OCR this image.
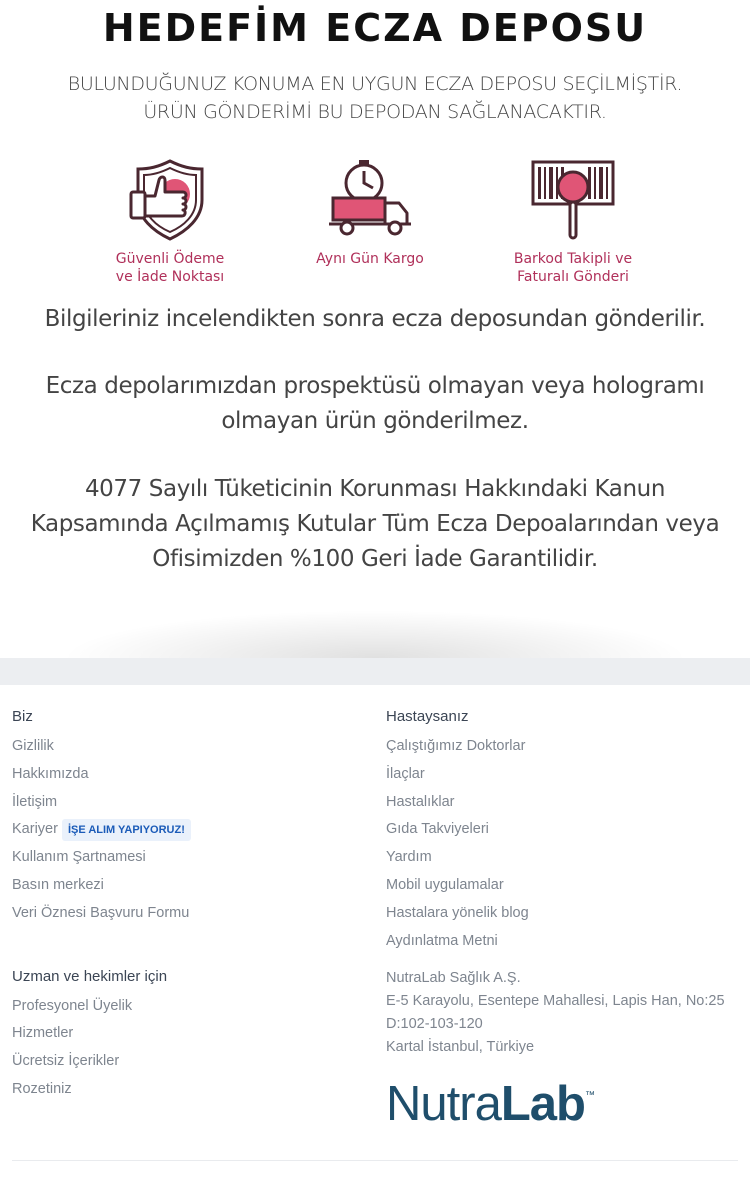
HEDEFİM ECZA DEPOSU
BULUNDUĞUNUZ KONUMA EN UYGUN ECZA DEPOSU SEÇİLMİŞTİR.
ÜRÜN GÖNDERİMİ BU DEPODAN SAĞLANACAKTIR.
Güvenli Ödeme
ve İade Noktası
Aynı Gün Kargo	Barkod Takipli ve
Faturalı Gönderi
Bilgileriniz incelendikten sonra ecza deposundan gönderilir.
Ecza depolarımızdan prospektüsü olmayan veya hologramı
olmayan ürün gönderilmez.
4077 Sayılı Tüketicinin Korunması Hakkındaki Kanun
Kapsamında Açılmamış Kutular Tüm Ecza Depoalarından veya
Ofisimizden %100 Geri İade Garantilidir.
Biz
Gizlilik
Hakkımızda
İletişim
Kariyer İŞE ALIM YAPIYORUZ!
Kullanım Şartnamesi
Basın merkezi
Veri Öznesi Başvuru Formu
Uzman ve hekimler için
Profesyonel Üyelik
Hizmetler
Ücretsiz İçerikler
Rozetiniz
Hastaysanız
Çalıştığımız Doktorlar
İlaçlar
Hastalıklar
Gıda Takviyeleri
Yardım
Mobil uygulamalar
Hastalara yönelik blog
Aydınlatma Metni
NutraLab Sağlık A.Ş.
E-5 Karayolu, Esentepe Mahallesi, Lapis Han, No:25
D:102-103-120
Kartal İstanbul, Türkiye
NutraLab™
